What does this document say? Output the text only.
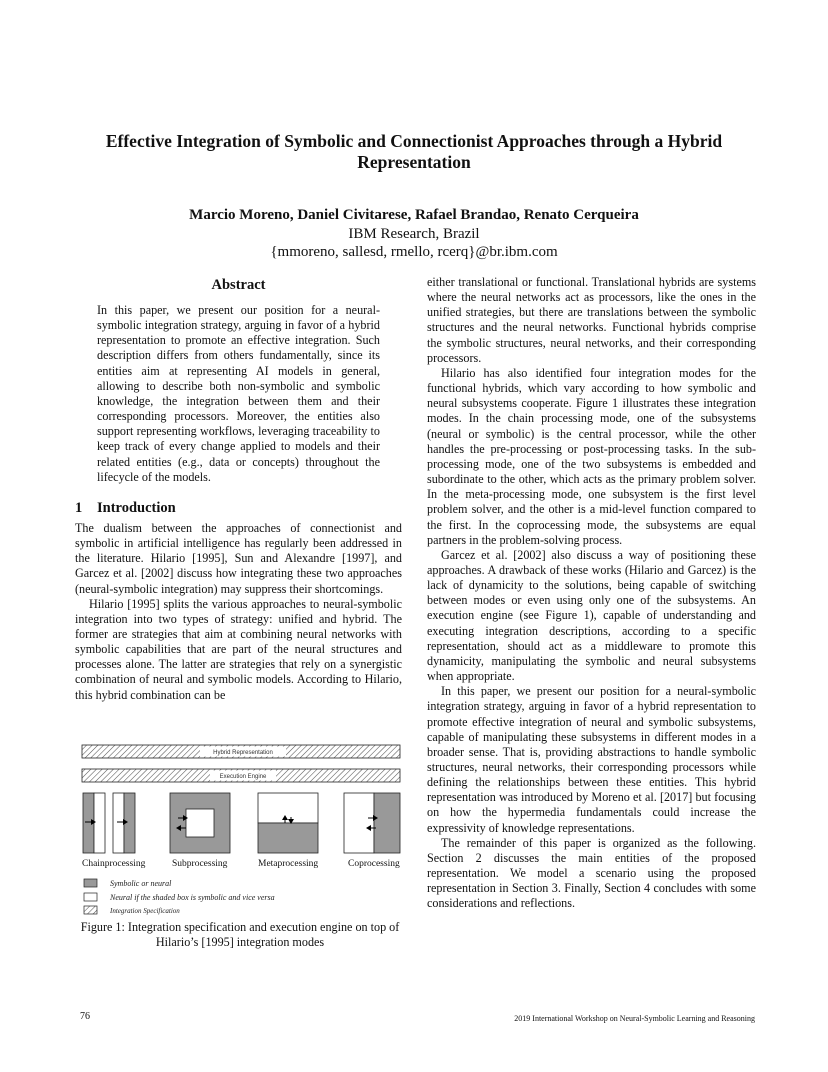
Effective Integration of Symbolic and Connectionist Approaches through a Hybrid
Representation
Marcio Moreno, Daniel Civitarese, Rafael Brandao, Renato Cerqueira
IBM Research, Brazil
{mmoreno, sallesd, rmello, rcerq}@br.ibm.com

Abstract

In this paper, we present our position for a neural-symbolic integration strategy, arguing in favor of a hybrid representation to promote an effective integration. Such description differs from others fundamentally, since its entities aim at representing AI models in general, allowing to describe both non-symbolic and symbolic knowledge, the integration between them and their corresponding processors. Moreover, the entities also support representing workflows, leveraging traceability to keep track of every change applied to models and their related entities (e.g., data or concepts) throughout the lifecycle of the models.

1 Introduction

The dualism between the approaches of connectionist and symbolic in artificial intelligence has regularly been addressed in the literature. Hilario [1995], Sun and Alexandre [1997], and Garcez et al. [2002] discuss how integrating these two approaches (neural-symbolic integration) may suppress their shortcomings.

Hilario [1995] splits the various approaches to neural-symbolic integration into two types of strategy: unified and hybrid. The former are strategies that aim at combining neural networks with symbolic capabilities that are part of the neural structures and processes alone. The latter are strategies that rely on a synergistic combination of neural and symbolic models. According to Hilario, this hybrid combination can be

Hybrid Representation
Execution Engine
Chainprocessing	Subprocessing	Metaprocessing	Coprocessing
Symbolic or neural
Neural if the shaded box is symbolic and vice versa
Integration Specification
Figure 1: Integration specification and execution engine on top of
Hilario’s [1995] integration modes

either translational or functional. Translational hybrids are systems where the neural networks act as processors, like the ones in the unified strategies, but there are translations between the symbolic structures and the neural networks. Functional hybrids comprise the symbolic structures, neural networks, and their corresponding processors.

Hilario has also identified four integration modes for the functional hybrids, which vary according to how symbolic and neural subsystems cooperate. Figure 1 illustrates these integration modes. In the chain processing mode, one of the subsystems (neural or symbolic) is the central processor, while the other handles the pre-processing or post-processing tasks. In the sub-processing mode, one of the two subsystems is embedded and subordinate to the other, which acts as the primary problem solver. In the meta-processing mode, one subsystem is the first level problem solver, and the other is a mid-level function compared to the first. In the coprocessing mode, the subsystems are equal partners in the problem-solving process.

Garcez et al. [2002] also discuss a way of positioning these approaches. A drawback of these works (Hilario and Garcez) is the lack of dynamicity to the solutions, being capable of switching between modes or even using only one of the subsystems. An execution engine (see Figure 1), capable of understanding and executing integration descriptions, according to a specific representation, should act as a middleware to promote this dynamicity, manipulating the symbolic and neural subsystems when appropriate.

In this paper, we present our position for a neural-symbolic integration strategy, arguing in favor of a hybrid representation to promote effective integration of neural and symbolic subsystems, capable of manipulating these subsystems in different modes in a broader sense. That is, providing abstractions to handle symbolic structures, neural networks, their corresponding processors while defining the relationships between these entities. This hybrid representation was introduced by Moreno et al. [2017] but focusing on how the hypermedia fundamentals could increase the expressivity of knowledge representations.

The remainder of this paper is organized as the following. Section 2 discusses the main entities of the proposed representation. We model a scenario using the proposed representation in Section 3. Finally, Section 4 concludes with some considerations and reflections.

76	2019 International Workshop on Neural-Symbolic Learning and Reasoning
